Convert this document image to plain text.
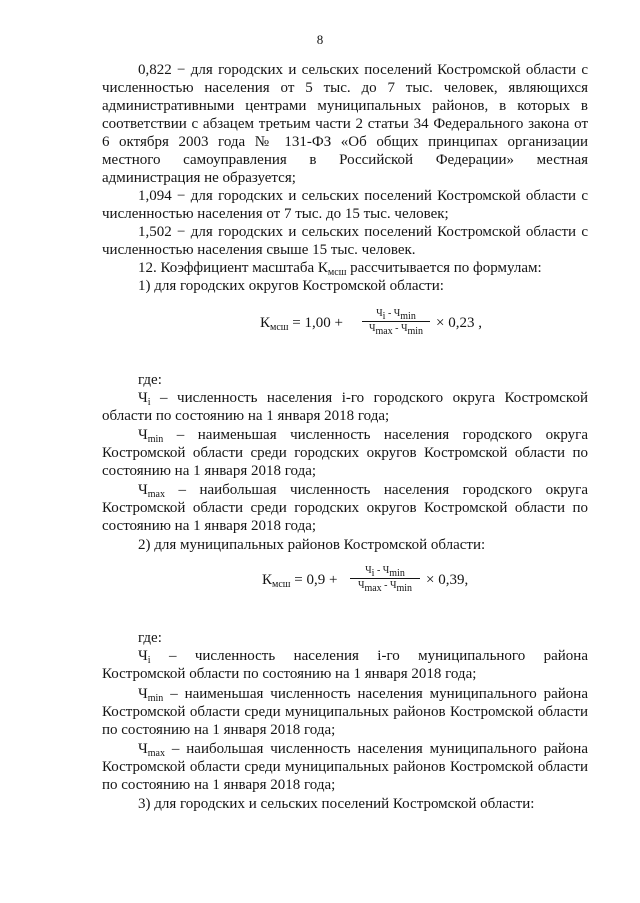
8
0,822 − для городских и сельских поселений Костромской области с
численностью населения от 5 тыс. до 7 тыс. человек, являющихся
административными центрами муниципальных районов, в которых в
соответствии с абзацем третьим части 2 статьи 34 Федерального закона от
6 октября 2003 года № 131-ФЗ «Об общих принципах организации
местного самоуправления в Российской Федерации» местная
администрация не образуется;
1,094 − для городских и сельских поселений Костромской области с
численностью населения от 7 тыс. до 15 тыс. человек;
1,502 − для городских и сельских поселений Костромской области с
численностью населения свыше 15 тыс. человек.
12. Коэффициент масштаба $К_{мсш}$ рассчитывается по формулам:
1) для городских округов Костромской области:
$К_{мсш} = 1,00$ +
$Ч_i - Ч_{min}$
$Ч_{max} - Ч_{min}$
× 0,23 ,
где:
$Ч_i$ – численность населения i-го городского округа Костромской
области по состоянию на 1 января 2018 года;
$Ч_{min}$ – наименьшая численность населения городского округа
Костромской области среди городских округов Костромской области по
состоянию на 1 января 2018 года;
$Ч_{max}$ – наибольшая численность населения городского округа
Костромской области среди городских округов Костромской области по
состоянию на 1 января 2018 года;
2) для муниципальных районов Костромской области:
$К_{мсш} = 0,9$ +
$Ч_i - Ч_{min}$
$Ч_{max} - Ч_{min}$
× 0,39,
где:
$Ч_i$ – численность населения i-го муниципального района
Костромской области по состоянию на 1 января 2018 года;
$Ч_{min}$ – наименьшая численность населения муниципального района
Костромской области среди муниципальных районов Костромской области
по состоянию на 1 января 2018 года;
$Ч_{max}$ – наибольшая численность населения муниципального района
Костромской области среди муниципальных районов Костромской области
по состоянию на 1 января 2018 года;
3) для городских и сельских поселений Костромской области:
